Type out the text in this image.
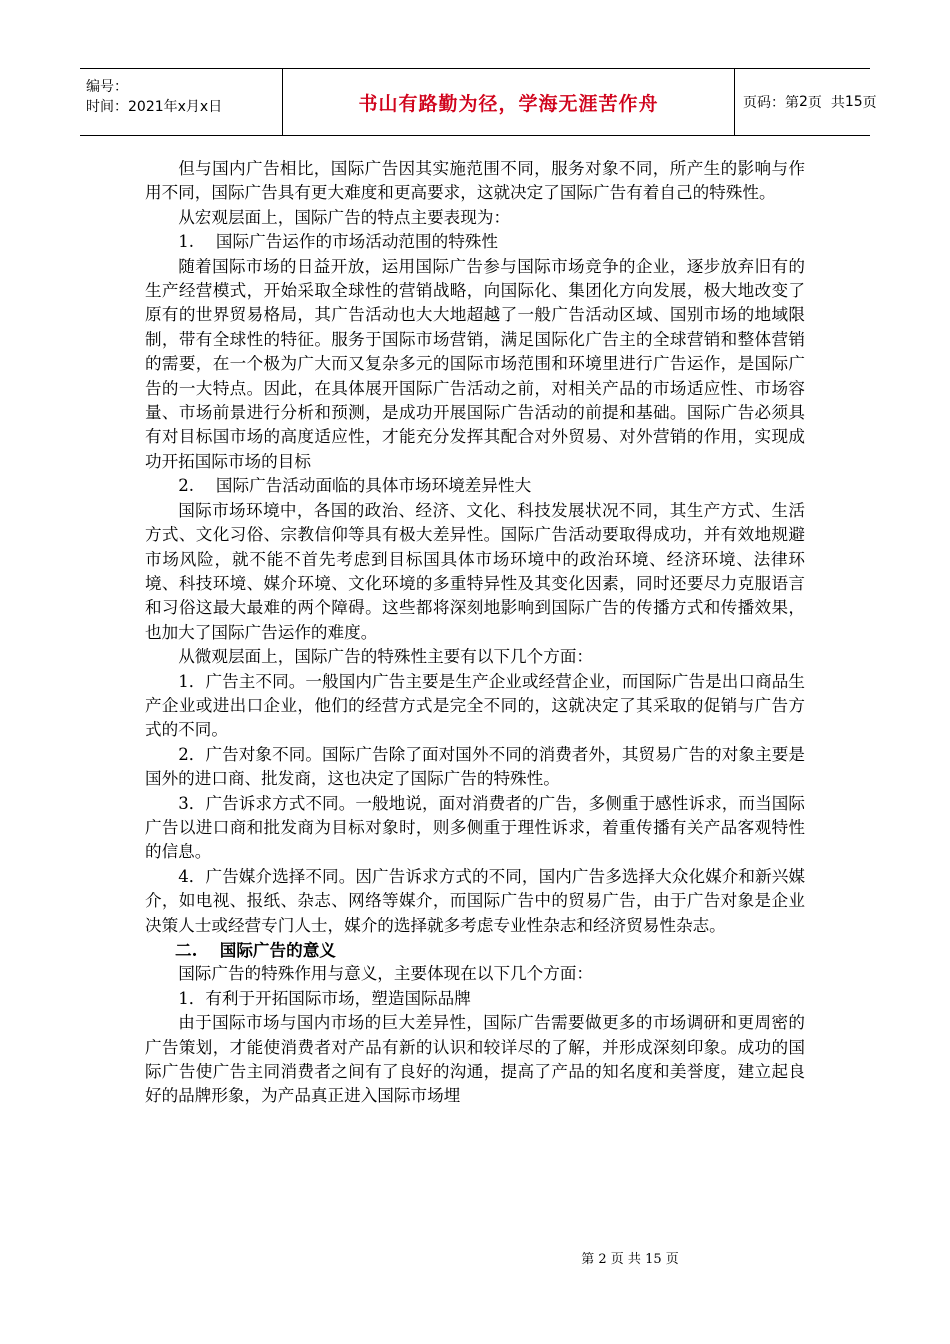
编号：
时间：2021年x月x日	书山有路勤为径，学海无涯苦作舟	页码：第 2 页  共 15 页

但与国内广告相比，国际广告因其实施范围不同，服务对象不同，所产生的影响与作用不同，国际广告具有更大难度和更高要求，这就决定了国际广告有着自己的特殊性。

从宏观层面上，国际广告的特点主要表现为：

1.　 国际广告运作的市场活动范围的特殊性

随着国际市场的日益开放，运用国际广告参与国际市场竞争的企业，逐步放弃旧有的生产经营模式，开始采取全球性的营销战略，向国际化、集团化方向发展，极大地改变了原有的世界贸易格局，其广告活动也大大地超越了一般广告活动区域、国别市场的地域限制，带有全球性的特征。服务于国际市场营销，满足国际化广告主的全球营销和整体营销的需要，在一个极为广大而又复杂多元的国际市场范围和环境里进行广告运作，是国际广告的一大特点。因此，在具体展开国际广告活动之前，对相关产品的市场适应性、市场容量、市场前景进行分析和预测，是成功开展国际广告活动的前提和基础。国际广告必须具有对目标国市场的高度适应性，才能充分发挥其配合对外贸易、对外营销的作用，实现成功开拓国际市场的目标

2.　 国际广告活动面临的具体市场环境差异性大

国际市场环境中，各国的政治、经济、文化、科技发展状况不同，其生产方式、生活方式、文化习俗、宗教信仰等具有极大差异性。国际广告活动要取得成功，并有效地规避市场风险，就不能不首先考虑到目标国具体市场环境中的政治环境、经济环境、法律环境、科技环境、媒介环境、文化环境的多重特异性及其变化因素，同时还要尽力克服语言和习俗这最大最难的两个障碍。这些都将深刻地影响到国际广告的传播方式和传播效果，也加大了国际广告运作的难度。

从微观层面上，国际广告的特殊性主要有以下几个方面：

1．广告主不同。一般国内广告主要是生产企业或经营企业，而国际广告是出口商品生产企业或进出口企业，他们的经营方式是完全不同的，这就决定了其采取的促销与广告方式的不同。

2．广告对象不同。国际广告除了面对国外不同的消费者外，其贸易广告的对象主要是国外的进口商、批发商，这也决定了国际广告的特殊性。

3．广告诉求方式不同。一般地说，面对消费者的广告，多侧重于感性诉求，而当国际广告以进口商和批发商为目标对象时，则多侧重于理性诉求，着重传播有关产品客观特性的信息。

4．广告媒介选择不同。因广告诉求方式的不同，国内广告多选择大众化媒介和新兴媒介，如电视、报纸、杂志、网络等媒介，而国际广告中的贸易广告，由于广告对象是企业决策人士或经营专门人士，媒介的选择就多考虑专业性杂志和经济贸易性杂志。

二.　 国际广告的意义

国际广告的特殊作用与意义，主要体现在以下几个方面：

1．有利于开拓国际市场，塑造国际品牌

由于国际市场与国内市场的巨大差异性，国际广告需要做更多的市场调研和更周密的广告策划，才能使消费者对产品有新的认识和较详尽的了解，并形成深刻印象。成功的国际广告使广告主同消费者之间有了良好的沟通，提高了产品的知名度和美誉度，建立起良好的品牌形象，为产品真正进入国际市场埋

第 2 页 共 15 页
